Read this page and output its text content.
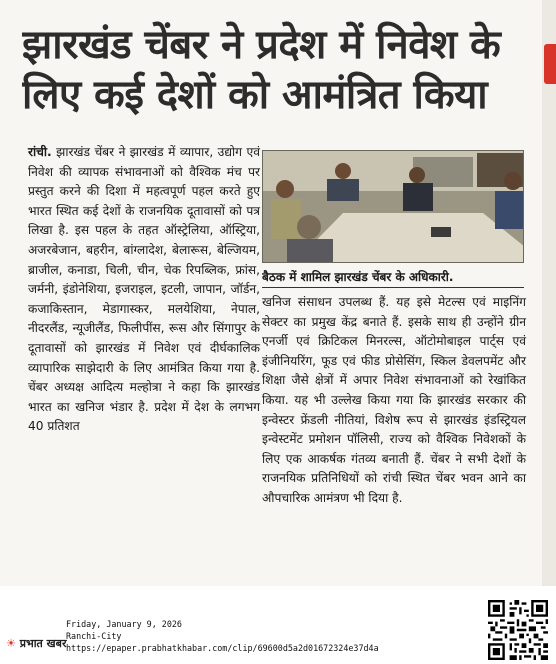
झारखंड चेंबर ने प्रदेश में निवेश के
लिए कई देशों को आमंत्रित किया
रांची. झारखंड चेंबर ने झारखंड में व्यापार, उद्योग एवं निवेश की व्यापक संभावनाओं को वैश्विक मंच पर प्रस्तुत करने की दिशा में महत्वपूर्ण पहल करते हुए भारत स्थित कई देशों के राजनयिक दूतावासों को पत्र लिखा है. इस पहल के तहत ऑस्ट्रेलिया, ऑस्ट्रिया, अजरबेजान, बहरीन, बांग्लादेश, बेलारूस, बेल्जियम, ब्राजील, कनाडा, चिली, चीन, चेक रिपब्लिक, फ्रांस, जर्मनी, इंडोनेशिया, इजराइल, इटली, जापान, जॉर्डन, कजाकिस्तान, मेडागास्कर, मलयेशिया, नेपाल, नीदरलैंड, न्यूजीलैंड, फिलीपींस, रूस और सिंगापुर के दूतावासों को झारखंड में निवेश एवं दीर्घकालिक व्यापारिक साझेदारी के लिए आमंत्रित किया गया है. चेंबर अध्यक्ष आदित्य मल्होत्रा ने कहा कि झारखंड भारत का खनिज भंडार है. प्रदेश में देश के लगभग 40 प्रतिशत
बैठक में शामिल झारखंड चेंबर के अधिकारी.
खनिज संसाधन उपलब्ध हैं. यह इसे मेटल्स एवं माइनिंग सेक्टर का प्रमुख केंद्र बनाते हैं. इसके साथ ही उन्होंने ग्रीन एनर्जी एवं क्रिटिकल मिनरल्स, ऑटोमोबाइल पार्ट्स एवं इंजीनियरिंग, फूड एवं फीड प्रोसेसिंग, स्किल डेवलपमेंट और शिक्षा जैसे क्षेत्रों में अपार निवेश संभावनाओं को रेखांकित किया. यह भी उल्लेख किया गया कि झारखंड सरकार की इन्वेस्टर फ्रेंडली नीतियां, विशेष रूप से झारखंड इंडस्ट्रियल इन्वेस्टमेंट प्रमोशन पॉलिसी, राज्य को वैश्विक निवेशकों के लिए एक आकर्षक गंतव्य बनाती हैं. चेंबर ने सभी देशों के राजनयिक प्रतिनिधियों को रांची स्थित चेंबर भवन आने का औपचारिक आमंत्रण भी दिया है.
☀ प्रभात खबर
Friday, January 9, 2026
Ranchi-City
https://epaper.prabhatkhabar.com/clip/69600d5a2d01672324e37d4a
